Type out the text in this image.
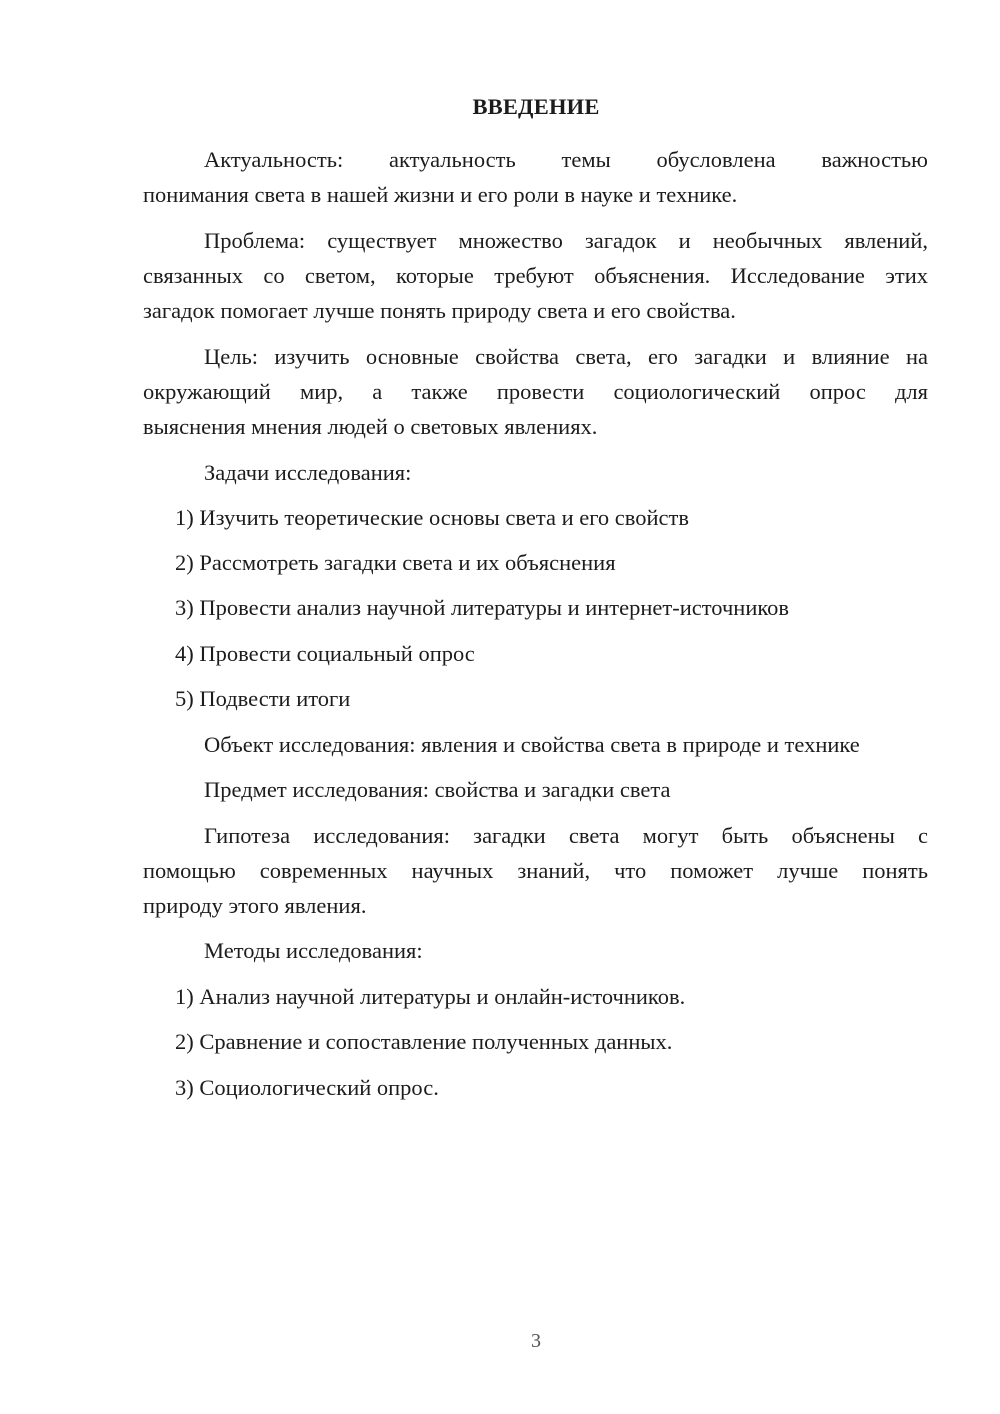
ВВЕДЕНИЕ
Актуальность: актуальность темы обусловлена важностью
понимания света в нашей жизни и его роли в науке и технике.
Проблема: существует множество загадок и необычных явлений,
связанных со светом, которые требуют объяснения. Исследование этих
загадок помогает лучше понять природу света и его свойства.
Цель: изучить основные свойства света, его загадки и влияние на
окружающий мир, а также провести социологический опрос для
выяснения мнения людей о световых явлениях.

Задачи исследования:

1) Изучить теоретические основы света и его свойств

2) Рассмотреть загадки света и их объяснения

3) Провести анализ научной литературы и интернет-источников

4) Провести социальный опрос

5) Подвести итоги

Объект исследования: явления и свойства света в природе и технике

Предмет исследования: свойства и загадки света

Гипотеза исследования: загадки света могут быть объяснены с
помощью современных научных знаний, что поможет лучше понять
природу этого явления.

Методы исследования:

1) Анализ научной литературы и онлайн-источников.

2) Сравнение и сопоставление полученных данных.

3) Социологический опрос.

3
